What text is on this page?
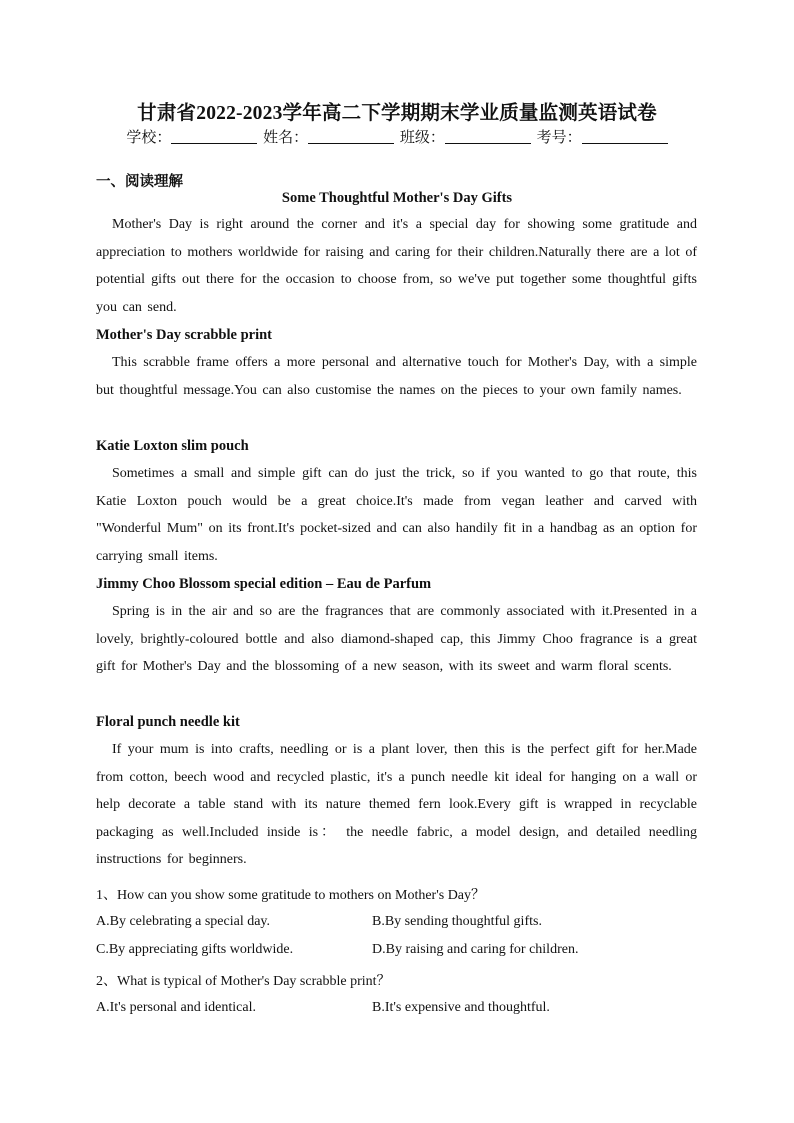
甘肃省2022-2023学年高二下学期期末学业质量监测英语试卷
学校：	姓名：	班级：	考号：
一、阅读理解
Some Thoughtful Mother's Day Gifts
Mother's Day is right around the corner and it's a special day for showing some gratitude and appreciation to mothers worldwide for raising and caring for their children.Naturally there are a lot of potential gifts out there for the occasion to choose from, so we've put together some thoughtful gifts you can send.
Mother's Day scrabble print
This scrabble frame offers a more personal and alternative touch for Mother's Day, with a simple but thoughtful message.You can also customise the names on the pieces to your own family names.
Katie Loxton slim pouch
Sometimes a small and simple gift can do just the trick, so if you wanted to go that route, this Katie Loxton pouch would be a great choice.It's made from vegan leather and carved with "Wonderful Mum" on its front.It's pocket-sized and can also handily fit in a handbag as an option for carrying small items.
Jimmy Choo Blossom special edition – Eau de Parfum
Spring is in the air and so are the fragrances that are commonly associated with it.Presented in a lovely, brightly-coloured bottle and also diamond-shaped cap, this Jimmy Choo fragrance is a great gift for Mother's Day and the blossoming of a new season, with its sweet and warm floral scents.
Floral punch needle kit
If your mum is into crafts, needling or is a plant lover, then this is the perfect gift for her.Made from cotton, beech wood and recycled plastic, it's a punch needle kit ideal for hanging on a wall or help decorate a table stand with its nature themed fern look.Every gift is wrapped in recyclable packaging as well.Included inside is： the needle fabric, a model design, and detailed needling instructions for beginners.
1、How can you show some gratitude to mothers on Mother's Day？
A.By celebrating a special day.	B.By sending thoughtful gifts.
C.By appreciating gifts worldwide.	D.By raising and caring for children.
2、What is typical of Mother's Day scrabble print？
A.It's personal and identical.	B.It's expensive and thoughtful.
